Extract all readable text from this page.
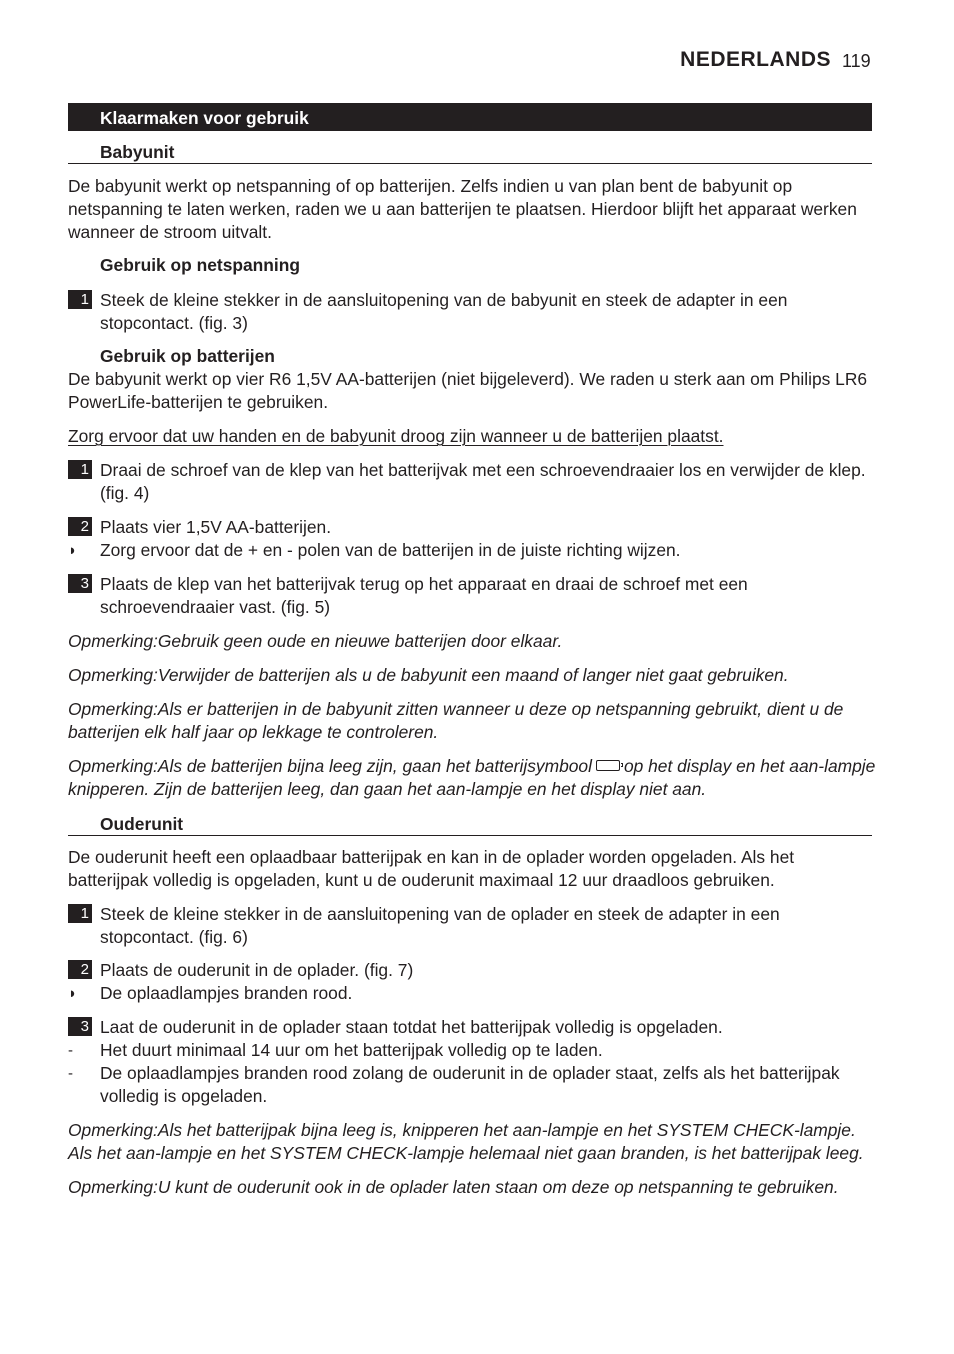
NEDERLANDS 119
Klaarmaken voor gebruik
Babyunit

De babyunit werkt op netspanning of op batterijen. Zelfs indien u van plan bent de babyunit op netspanning te laten werken, raden we u aan batterijen te plaatsen. Hierdoor blijft het apparaat werken wanneer de stroom uitvalt.

Gebruik op netspanning
1 Steek de kleine stekker in de aansluitopening van de babyunit en steek de adapter in een stopcontact. (fig. 3)
Gebruik op batterijen

De babyunit werkt op vier R6 1,5V AA-batterijen (niet bijgeleverd). We raden u sterk aan om Philips LR6 PowerLife-batterijen te gebruiken.

Zorg ervoor dat uw handen en de babyunit droog zijn wanneer u de batterijen plaatst.
1 Draai de schroef van de klep van het batterijvak met een schroevendraaier los en verwijder de klep. (fig. 4)
2 Plaats vier 1,5V AA-batterijen.
◗ Zorg ervoor dat de + en - polen van de batterijen in de juiste richting wijzen.
3 Plaats de klep van het batterijvak terug op het apparaat en draai de schroef met een schroevendraaier vast. (fig. 5)
Opmerking:Gebruik geen oude en nieuwe batterijen door elkaar.
Opmerking:Verwijder de batterijen als u de babyunit een maand of langer niet gaat gebruiken.
Opmerking:Als er batterijen in de babyunit zitten wanneer u deze op netspanning gebruikt, dient u de batterijen elk half jaar op lekkage te controleren.
Opmerking:Als de batterijen bijna leeg zijn, gaan het batterijsymbool op het display en het aan-lampje knipperen. Zijn de batterijen leeg, dan gaan het aan-lampje en het display niet aan.
Ouderunit

De ouderunit heeft een oplaadbaar batterijpak en kan in de oplader worden opgeladen. Als het batterijpak volledig is opgeladen, kunt u de ouderunit maximaal 12 uur draadloos gebruiken.

1 Steek de kleine stekker in de aansluitopening van de oplader en steek de adapter in een stopcontact. (fig. 6)
2 Plaats de ouderunit in de oplader. (fig. 7)
◗ De oplaadlampjes branden rood.
3 Laat de ouderunit in de oplader staan totdat het batterijpak volledig is opgeladen.
- Het duurt minimaal 14 uur om het batterijpak volledig op te laden.
- De oplaadlampjes branden rood zolang de ouderunit in de oplader staat, zelfs als het batterijpak volledig is opgeladen.
Opmerking:Als het batterijpak bijna leeg is, knipperen het aan-lampje en het SYSTEM CHECK-lampje. Als het aan-lampje en het SYSTEM CHECK-lampje helemaal niet gaan branden, is het batterijpak leeg.
Opmerking:U kunt de ouderunit ook in de oplader laten staan om deze op netspanning te gebruiken.
